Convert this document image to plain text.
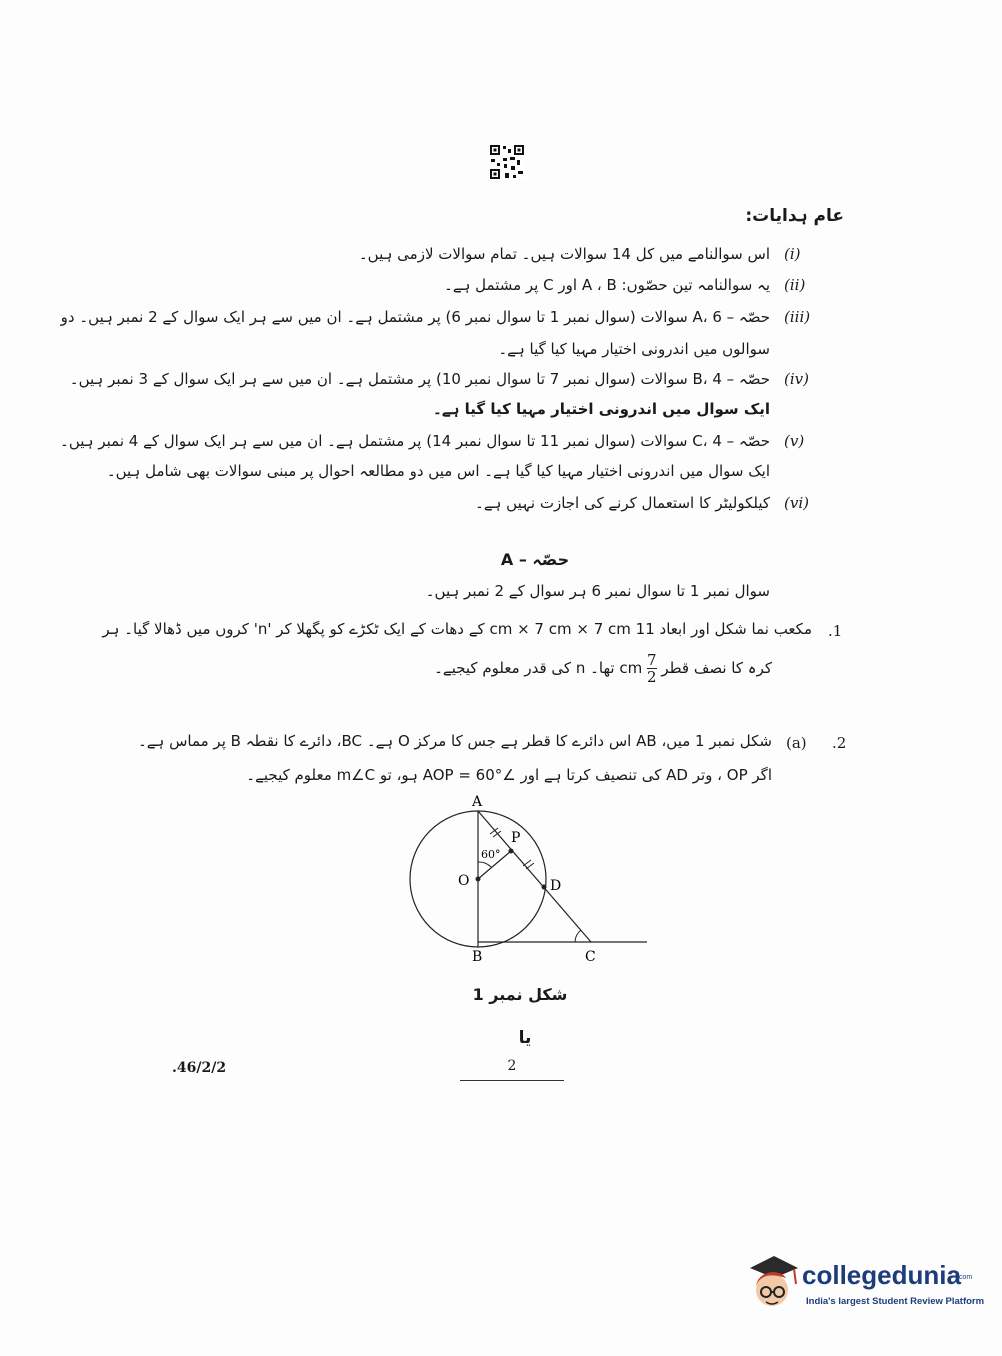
عام ہدایات:
(i)
اس سوالنامے میں کل 14 سوالات ہیں۔ تمام سوالات لازمی ہیں۔
(ii)
یہ سوالنامہ تین حصّوں: A ، B اور C پر مشتمل ہے۔
(iii)
حصّہ – A، 6 سوالات (سوال نمبر 1 تا سوال نمبر 6) پر مشتمل ہے۔ ان میں سے ہر ایک سوال کے 2 نمبر ہیں۔ دو
سوالوں میں اندرونی اختیار مہیا کیا گیا ہے۔
(iv)
حصّہ – B، 4 سوالات (سوال نمبر 7 تا سوال نمبر 10) پر مشتمل ہے۔ ان میں سے ہر ایک سوال کے 3 نمبر ہیں۔
ایک سوال میں اندرونی اختیار مہیا کیا گیا ہے۔
(v)
حصّہ – C، 4 سوالات (سوال نمبر 11 تا سوال نمبر 14) پر مشتمل ہے۔ ان میں سے ہر ایک سوال کے 4 نمبر ہیں۔
ایک سوال میں اندرونی اختیار مہیا کیا گیا ہے۔ اس میں دو مطالعہ احوال پر مبنی سوالات بھی شامل ہیں۔
(vi)
کیلکولیٹر کا استعمال کرنے کی اجازت نہیں ہے۔
حصّہ – A
سوال نمبر 1 تا سوال نمبر 6 ہر سوال کے 2 نمبر ہیں۔
.1
مکعب نما شکل اور ابعاد 11 cm × 7 cm × 7 cm کے دھات کے ایک ٹکڑے کو پگھلا کر 'n' کروں میں ڈھالا گیا۔ ہر
کرہ کا نصف قطر
$\frac{7}{2}$
cm تھا۔ n کی قدر معلوم کیجیے۔
.2
(a)
شکل نمبر 1 میں، AB اس دائرے کا قطر ہے جس کا مرکز O ہے۔ BC، دائرے کا نقطہ B پر مماس ہے۔
اگر OP ، وتر AD کی تنصیف کرتا ہے اور ∠AOP = 60° ہو، تو m∠C معلوم کیجیے۔
A
P
60°
O	D
B	C
شکل نمبر 1
یا
.46/2/2	2
collegedunia
.com
India's largest Student Review Platform
